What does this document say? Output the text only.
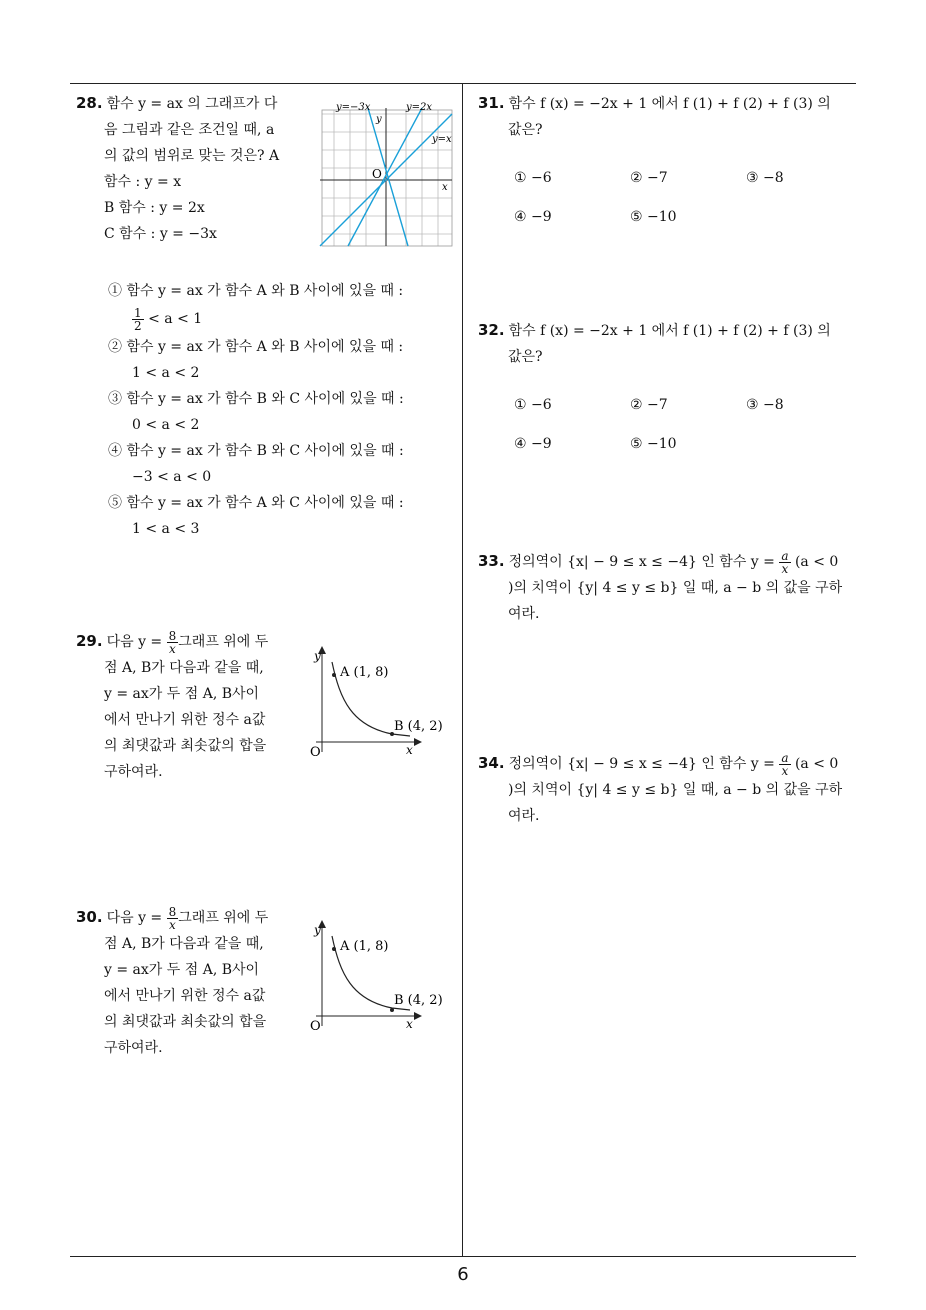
28. 함수 y = ax 의 그래프가 다
음 그림과 같은 조건일 때, a
의 값의 범위로 맞는 것은? A
함수 : y = x
B 함수 : y = 2x
C 함수 : y = −3x
y=−3x	y=2x
y=x
y
x
O
① 함수 y = ax 가 함수 A 와 B 사이에 있을 때 :
$\frac{1}{2} < a < 1$
② 함수 y = ax 가 함수 A 와 B 사이에 있을 때 :
1 < a < 2
③ 함수 y = ax 가 함수 B 와 C 사이에 있을 때 :
0 < a < 2
④ 함수 y = ax 가 함수 B 와 C 사이에 있을 때 :
−3 < a < 0
⑤ 함수 y = ax 가 함수 A 와 C 사이에 있을 때 :
1 < a < 3
29. 다음 $y = \frac{8}{x}$ 그래프 위에 두
점 A, B가 다음과 같을 때,
y = ax가 두 점 A, B사이
에서 만나기 위한 정수 a값
의 최댓값과 최솟값의 합을
구하여라.
y
x
O
A (1, 8)
B (4, 2)
30. 다음 $y = \frac{8}{x}$ 그래프 위에 두
점 A, B가 다음과 같을 때,
y = ax가 두 점 A, B사이
에서 만나기 위한 정수 a값
의 최댓값과 최솟값의 합을
구하여라.
y
x
O
A (1, 8)
B (4, 2)
31. 함수 f (x) = −2x + 1 에서 f (1) + f (2) + f (3) 의
값은?
① −6	② −7	③ −8
④ −9	⑤ −10
32. 함수 f (x) = −2x + 1 에서 f (1) + f (2) + f (3) 의
값은?
① −6	② −7	③ −8
④ −9	⑤ −10
33. 정의역이 {x| − 9 ≤ x ≤ −4} 인 함수 $y = \frac{a}{x} (a < 0$
)의 치역이 {y| 4 ≤ y ≤ b} 일 때, a − b 의 값을 구하
여라.
34. 정의역이 {x| − 9 ≤ x ≤ −4} 인 함수 $y = \frac{a}{x} (a < 0$
)의 치역이 {y| 4 ≤ y ≤ b} 일 때, a − b 의 값을 구하
여라.
6
